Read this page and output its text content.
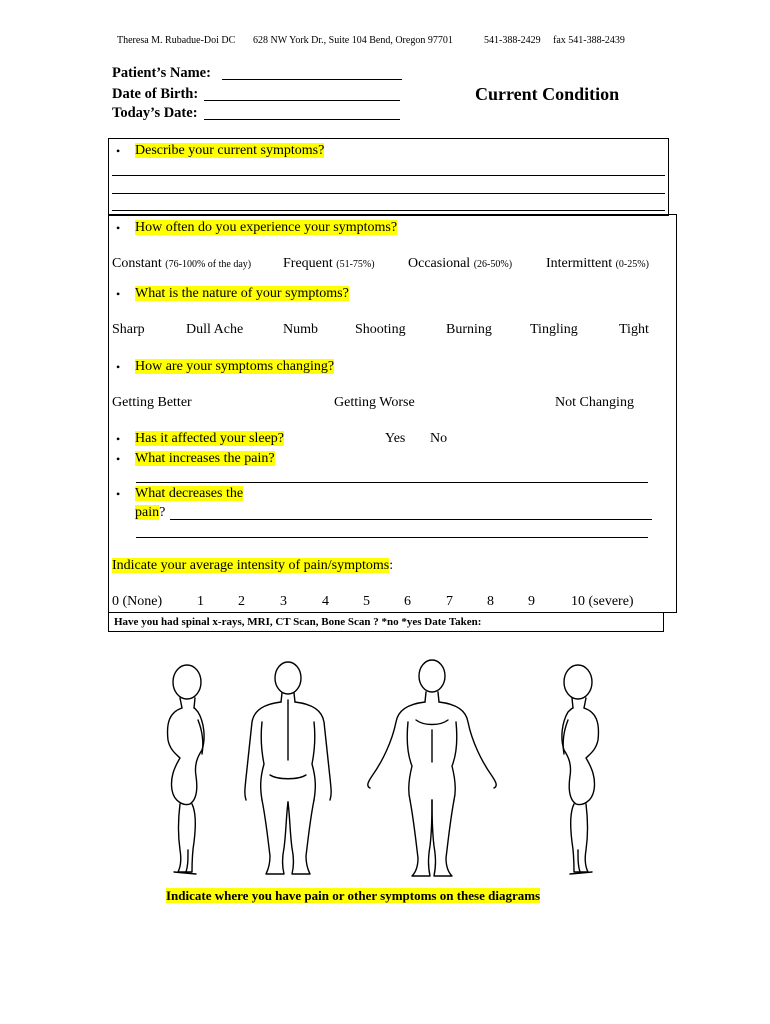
Theresa M. Rubadue-Doi DC 628 NW York Dr., Suite 104 Bend, Oregon 97701	541-388-2429 fax 541-388-2439
Patient’s Name:
Date of Birth:
Today’s Date:
Current Condition
• Describe your current symptoms?
• How often do you experience your symptoms?
Constant (76-100% of the day) Frequent (51-75%) Occasional (26-50%) Intermittent (0-25%)
• What is the nature of your symptoms?
Sharp	Dull Ache	Numb	Shooting	Burning	Tingling	Tight
• How are your symptoms changing?
Getting Better	Getting Worse	Not Changing
• Has it affected your sleep?	Yes No
• What increases the pain?
• What decreases the
pain?
Indicate your average intensity of pain/symptoms:
0 (None) 1 2	3	4 5 6	7 8 9	10 (severe)
Have you had spinal x-rays, MRI, CT Scan, Bone Scan ? *no *yes Date Taken:
Indicate where you have pain or other symptoms on these diagrams
